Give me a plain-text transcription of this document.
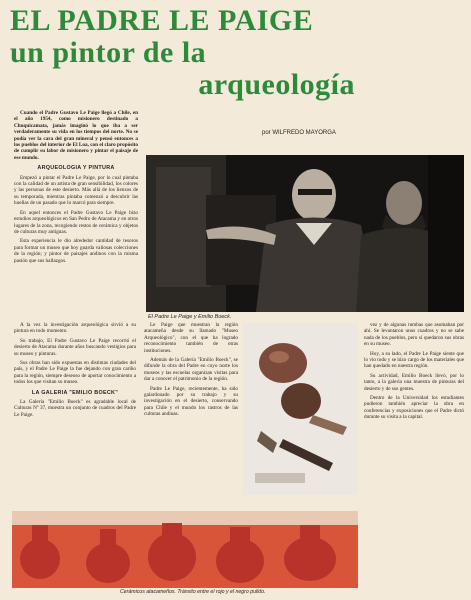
EL PADRE LE PAIGE
un pintor de la
arqueología

Cuando el Padre Gustavo Le Paige llegó a Chile, en el año 1954, como misionero destinado a Chuquicamata, jamás imaginó lo que iba a ser verdaderamente su vida en los tiempos del norte. No se podía ver la cara del gran mineral y pensó entonces a los pueblos del interior de El Loa, con el claro propósito de cumplir su labor de misionero y pintar el paisaje de ese mundo.

ARQUEOLOGIA Y PINTURA

Empezó a pintar el Padre Le Paige, por lo cual pintaba con la calidad de un artista de gran sensibilidad, los colores y las personas de este desierto. Más allá de los lienzos de su temporada, mientras pintaba comenzó a descubrir las huellas de un pasado que lo marcó para siempre.

En aquel entonces el Padre Gustavo Le Paige hizo estudios arqueológicos en San Pedro de Atacama y en otros lugares de la zona, recogiendo restos de cerámica y objetos de culturas muy antiguas.

Esta experiencia le dio alrededor cantidad de tesoros para formar un museo que hoy guarda valiosas colecciones de la región; y pintor de paisajes andinos con la misma pasión que sus hallazgos.

por WILFREDO MAYORGA
El Padre Le Paige y Emilio Boeck.

A la vez la investigación arqueológica sirvió a su pintura en todo momento.

Su trabajo, El Padre Gustavo Le Paige recorrió el desierto de Atacama durante años buscando vestigios para su museo y pinturas.

Sus obras han sido expuestas en distintas ciudades del país, y el Padre Le Paige la fue dejando con gran cariño para la región, siempre deseoso de aportar conocimiento a todos los que visitan su museo.

LA GALERIA "EMILIO BOECK"

La Galería "Emilio Boeck" es agradable local de Culturas Nº 37, muestra un conjunto de cuadros del Padre Le Paige.

Le Paige que muestran la región atacameña desde su llamado "Museo Arqueológico", con el que ha logrado reconocimiento también de otras instituciones.

Además de la Galería "Emilio Boeck", se difunde la obra del Padre en cuyo norte los museos y las escuelas organizan visitas para dar a conocer el patrimonio de la región.

Padre Le Paige, recientemente, ha sido galardonado por su trabajo y su investigación en el desierto, conservando para Chile y el mundo los rastros de las culturas andinas.

vez y de algunas tumbas que asomaban por ahí. Se levantaron unos cuadros y no se sabe nada de los pueblos, pero sí quedaron sus obras en su museo.

Hoy, a su lado, el Padre Le Paige siente que lo vio todo y se hizo cargo de los materiales que han quedado en nuestra región.

Su actividad, Emilio Boeck llevó, por lo tanto, a la galería una muestra de pinturas del desierto y de sus gentes.

Dentro de la Universidad los estudiantes pudieron también apreciar la obra en conferencias y exposiciones que el Padre dictó durante su visita a la capital.

Cerámicos atacameños. Tránsito entre el rojo y el negro pulido.
